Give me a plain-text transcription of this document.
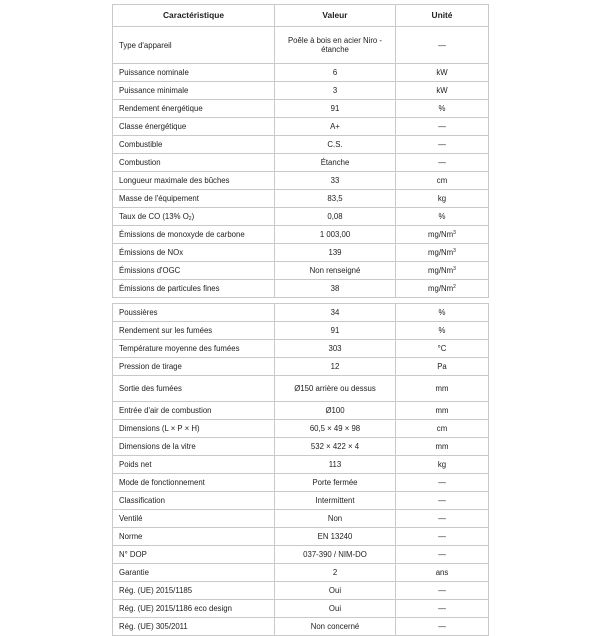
Caractéristique	Valeur	Unité
Type d'appareil	Poêle à bois en acier Niro - étanche	—
Puissance nominale	6	kW
Puissance minimale	3	kW
Rendement énergétique	91	%
Classe énergétique	A+	—
Combustible	C.S.	—
Combustion	Étanche	—
Longueur maximale des bûches	33	cm
Masse de l'équipement	83,5	kg
Taux de CO (13% $O_2$)	0,08	%
Émissions de monoxyde de carbone	1 003,00	mg/Nm$^3$
Émissions de NOx	139	mg/Nm$^3$
Émissions d'OGC	Non renseigné	mg/Nm$^3$
Émissions de particules fines	38	mg/Nm$^2$

Poussières	34	%
Rendement sur les fumées	91	%
Température moyenne des fumées	303	°C
Pression de tirage	12	Pa
Sortie des fumées	Ø150 arrière ou dessus	mm
Entrée d'air de combustion	Ø100	mm
Dimensions (L × P × H)	60,5 × 49 × 98	cm
Dimensions de la vitre	532 × 422 × 4	mm
Poids net	113	kg
Mode de fonctionnement	Porte fermée	—
Classification	Intermittent	—
Ventilé	Non	—
Norme	EN 13240	—
N° DOP	037-390 / NIM-DO	—
Garantie	2	ans
Rég. (UE) 2015/1185	Oui	—
Rég. (UE) 2015/1186 eco design	Oui	—
Rég. (UE) 305/2011	Non concerné	—
